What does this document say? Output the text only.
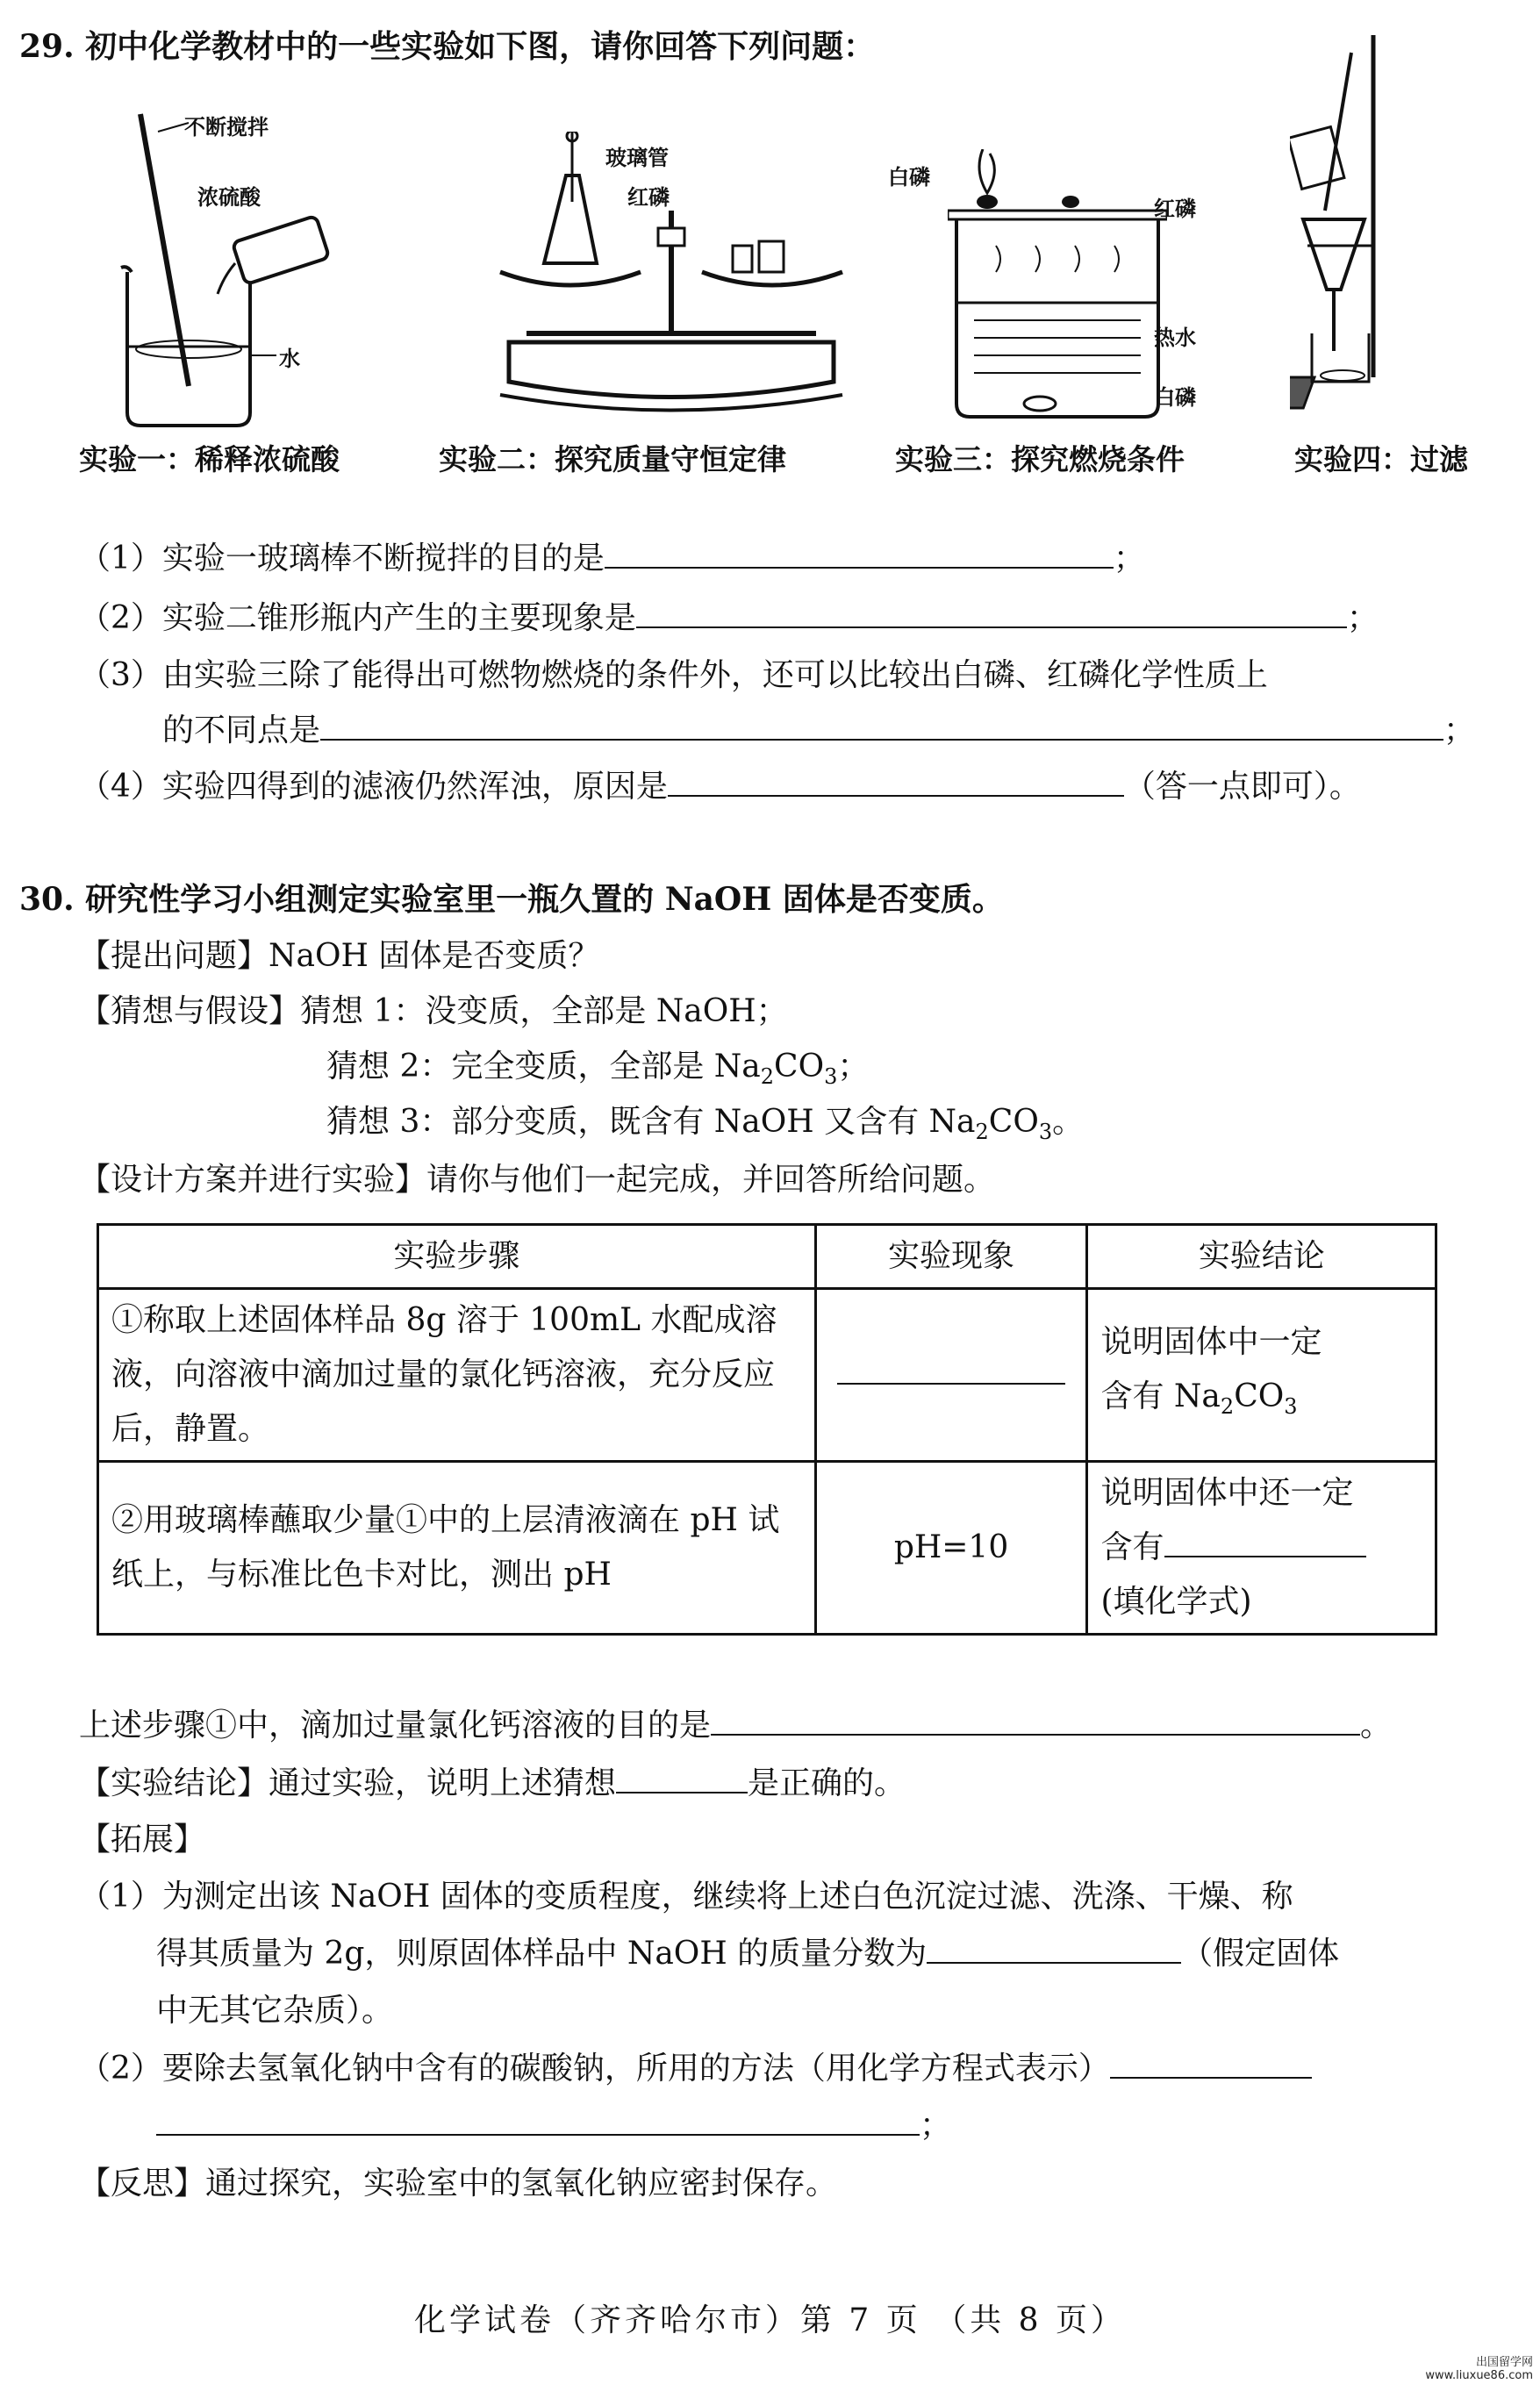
29. 初中化学教材中的一些实验如下图，请你回答下列问题：
不断搅拌
浓硫酸
水
玻璃管
红磷
白磷
红磷
热水
白磷
实验一：稀释浓硫酸	实验二：探究质量守恒定律	实验三：探究燃烧条件	实验四：过滤
（1）实验一玻璃棒不断搅拌的目的是	；
（2）实验二锥形瓶内产生的主要现象是	；
（3）由实验三除了能得出可燃物燃烧的条件外，还可以比较出白磷、红磷化学性质上
的不同点是	；
（4）实验四得到的滤液仍然浑浊，原因是	（答一点即可）。
30. 研究性学习小组测定实验室里一瓶久置的 NaOH 固体是否变质。
【提出问题】NaOH 固体是否变质？
【猜想与假设】猜想 1：没变质，全部是 NaOH；
猜想 2：完全变质，全部是 $Na_2CO_3$；
猜想 3：部分变质，既含有 NaOH 又含有 $Na_2CO_3$。
【设计方案并进行实验】请你与他们一起完成，并回答所给问题。
实验步骤	实验现象	实验结论
①称取上述固体样品 8g 溶于 100mL 水配成溶液，向溶液中滴加过量的氯化钙溶液，充分反应后，静置。		说明固体中一定
含有 $Na_2CO_3$

②用玻璃棒蘸取少量①中的上层清液滴在 pH 试纸上，与标准比色卡对比，测出 pH	pH=10	说明固体中还一定
含有
(填化学式)
上述步骤①中，滴加过量氯化钙溶液的目的是	。
【实验结论】通过实验，说明上述猜想	是正确的。
【拓展】
（1）为测定出该 NaOH 固体的变质程度，继续将上述白色沉淀过滤、洗涤、干燥、称
得其质量为 2g，则原固体样品中 NaOH 的质量分数为	（假定固体
中无其它杂质）。
（2）要除去氢氧化钠中含有的碳酸钠，所用的方法（用化学方程式表示）
；
【反思】通过探究，实验室中的氢氧化钠应密封保存。
化学试卷（齐齐哈尔市）第 7 页 （共 8 页）
出国留学网
www.liuxue86.com
